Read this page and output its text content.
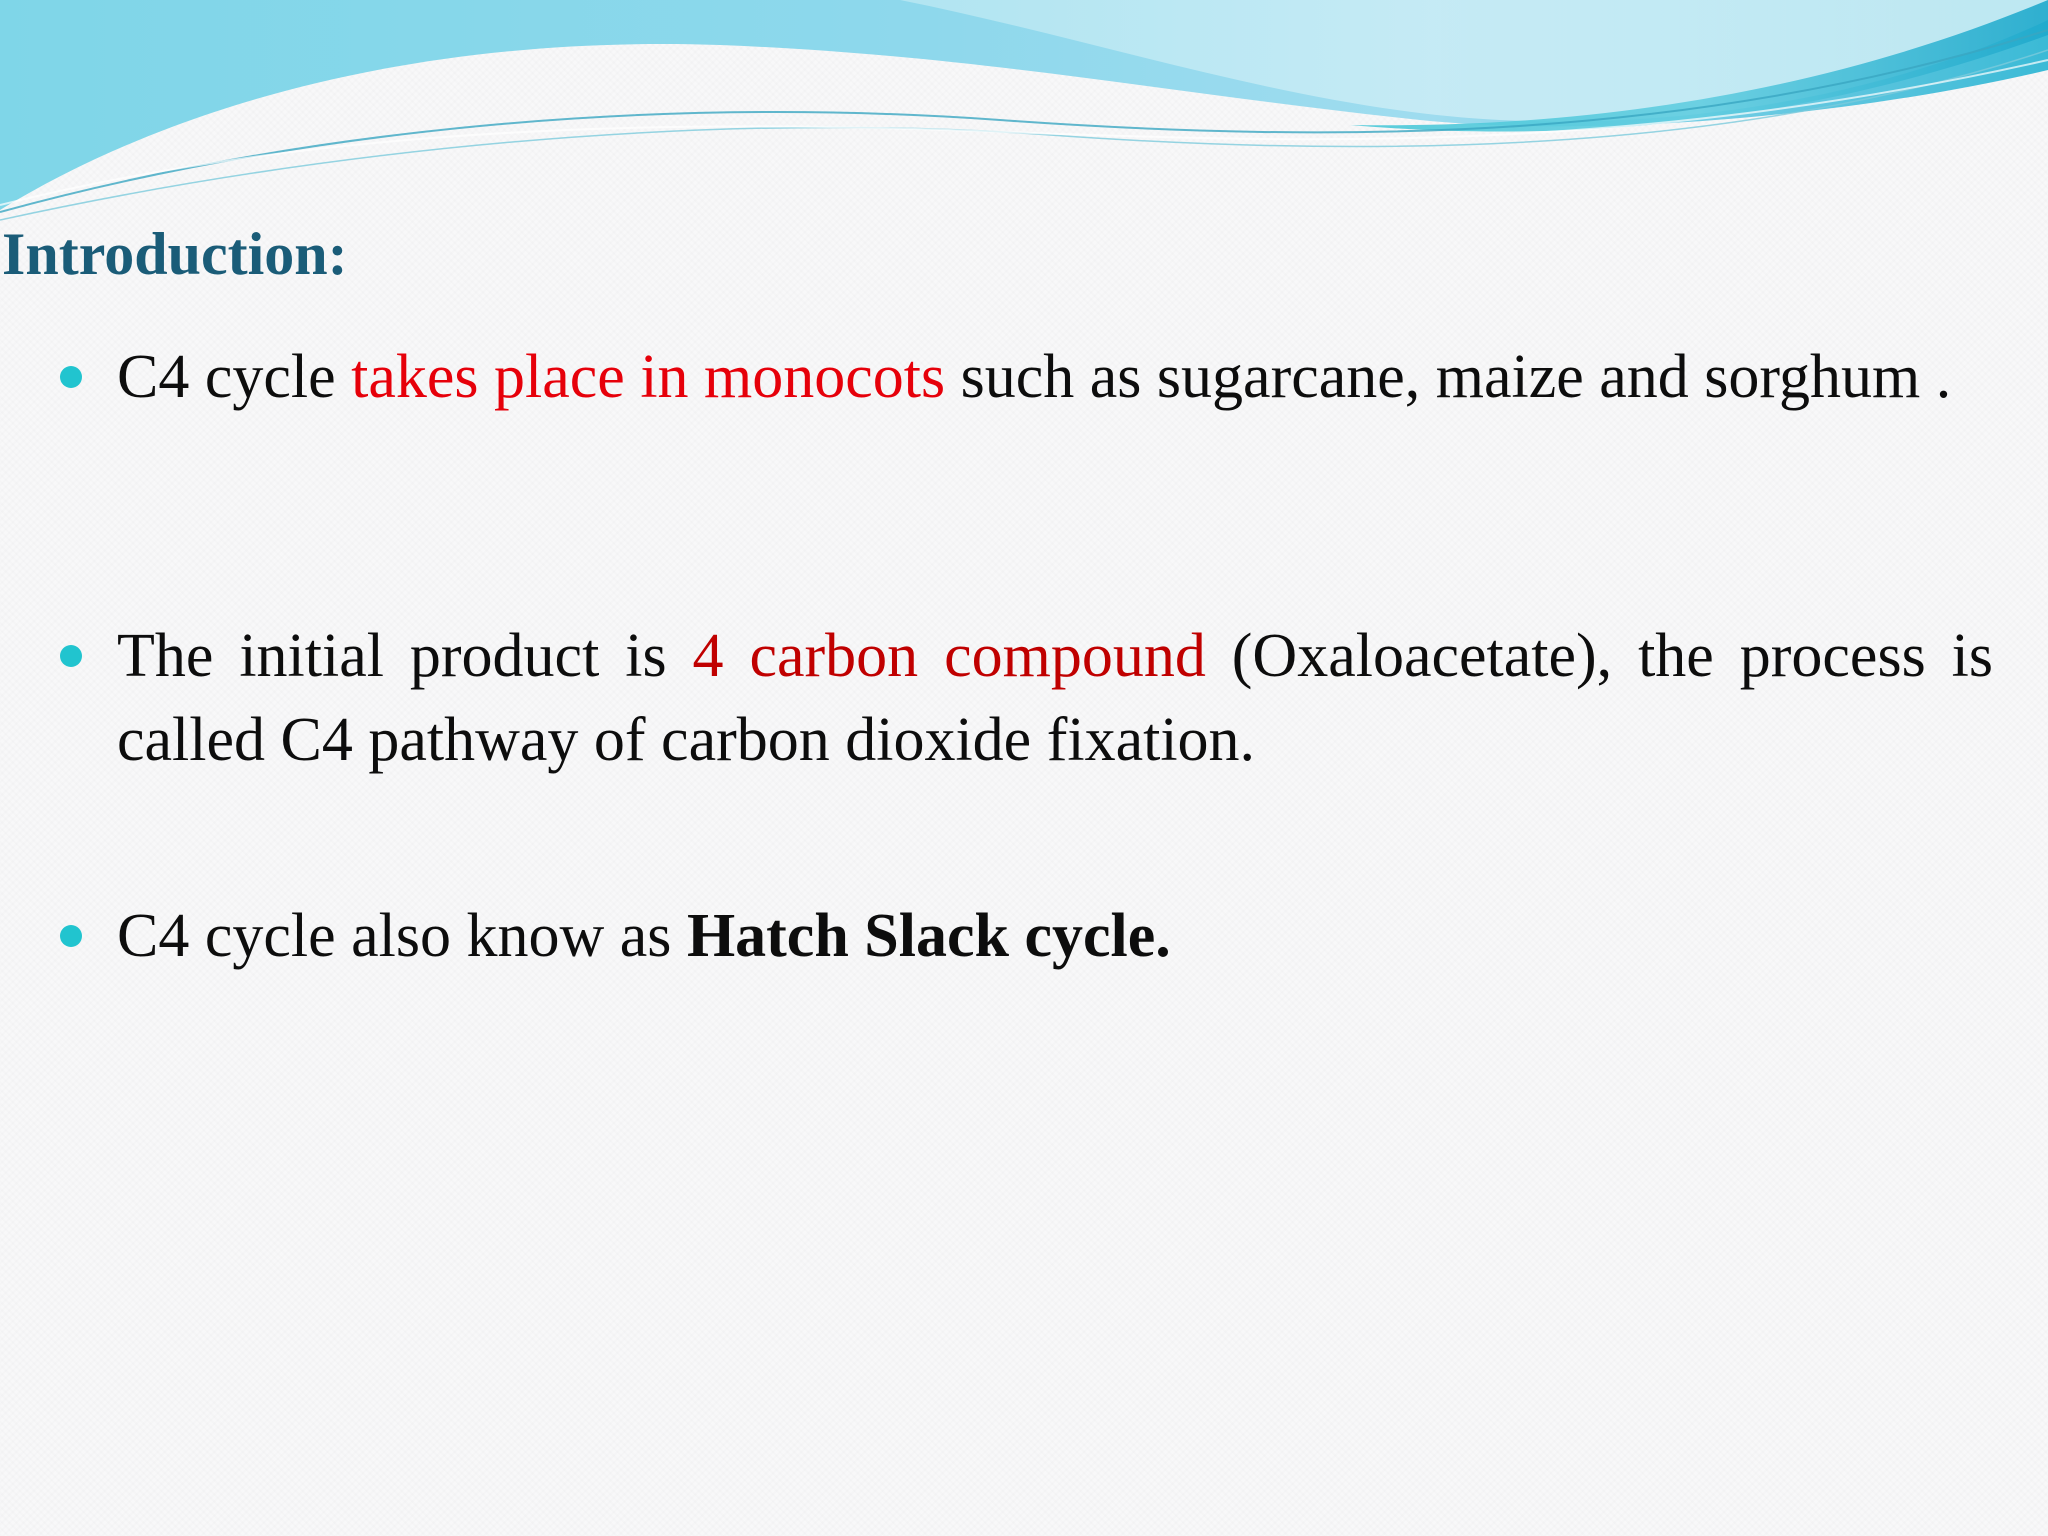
Introduction:
C4 cycle takes place in monocots such as sugarcane, maize and sorghum .
The initial product is 4 carbon compound (Oxaloacetate), the process is called C4 pathway of carbon dioxide fixation.
C4 cycle also know as Hatch Slack cycle.
